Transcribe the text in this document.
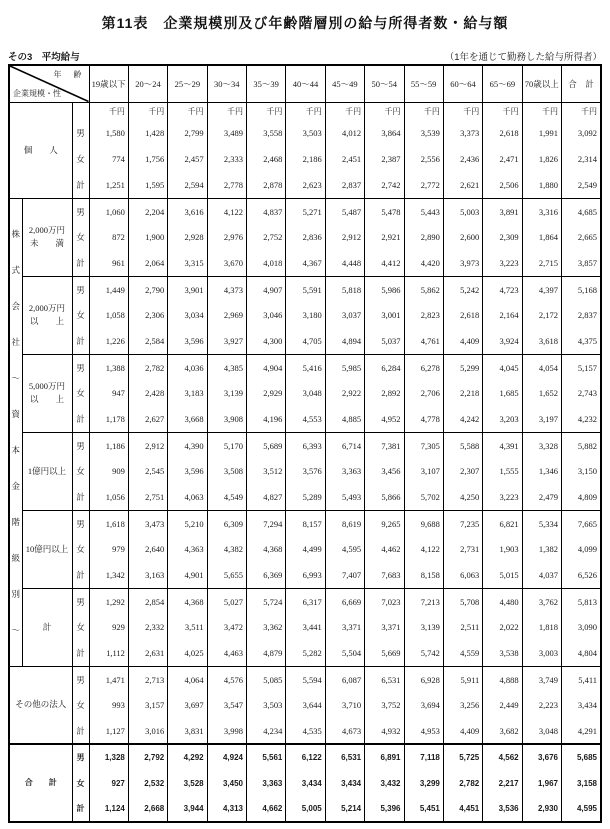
第11表　企業規模別及び年齢階層別の給与所得者数・給与額
その3　平均給与	（1年を通じて勤務した給与所得者）
年　齢
企業規模・性			19歳以下	20～24	25～29	30～34	35～39	40～44	45～49	50～54	55～59	60～64	65～69	70歳以上	合　計

個　　人			千円	千円	千円	千円	千円	千円	千円	千円	千円	千円	千円	千円	千円
		男	1,580	1,428	2,799	3,489	3,558	3,503	4,012	3,864	3,539	3,373	2,618	1,991	3,092
		女	774	1,756	2,457	2,333	2,468	2,186	2,451	2,387	2,556	2,436	2,471	1,826	2,314
		計	1,251	1,595	2,594	2,778	2,878	2,623	2,837	2,742	2,772	2,621	2,506	1,880	2,549

株
式
会
社
～
資
本
金
階
級
別
～

2,000万円
未　　満
	男	1,060	2,204	3,616	4,122	4,837	5,271	5,487	5,478	5,443	5,003	3,891	3,316	4,685
		女	872	1,900	2,928	2,976	2,752	2,836	2,912	2,921	2,890	2,600	2,309	1,864	2,665
		計	961	2,064	3,315	3,670	4,018	4,367	4,448	4,412	4,420	3,973	3,223	2,715	3,857

	2,000万円
以　　上	男	1,449	2,790	3,901	4,373	4,907	5,591	5,818	5,986	5,862	5,242	4,723	4,397	5,168
		女	1,058	2,306	3,034	2,969	3,046	3,180	3,037	3,001	2,823	2,618	2,164	2,172	2,837
		計	1,226	2,584	3,596	3,927	4,300	4,705	4,894	5,037	4,761	4,409	3,924	3,618	4,375

	5,000万円
以　　上	男	1,388	2,782	4,036	4,385	4,904	5,416	5,985	6,284	6,278	5,299	4,045	4,054	5,157
		女	947	2,428	3,183	3,139	2,929	3,048	2,922	2,892	2,706	2,218	1,685	1,652	2,743
		計	1,178	2,627	3,668	3,908	4,196	4,553	4,885	4,952	4,778	4,242	3,203	3,197	4,232

	1億円以上	男	1,186	2,912	4,390	5,170	5,689	6,393	6,714	7,381	7,305	5,588	4,391	3,328	5,882
		女	909	2,545	3,596	3,508	3,512	3,576	3,363	3,456	3,107	2,307	1,555	1,346	3,150
		計	1,056	2,751	4,063	4,549	4,827	5,289	5,493	5,866	5,702	4,250	3,223	2,479	4,809

	10億円以上	男	1,618	3,473	5,210	6,309	7,294	8,157	8,619	9,265	9,688	7,235	6,821	5,334	7,665
		女	979	2,640	4,363	4,382	4,368	4,499	4,595	4,462	4,122	2,731	1,903	1,382	4,099
		計	1,342	3,163	4,901	5,655	6,369	6,993	7,407	7,683	8,158	6,063	5,015	4,037	6,526

	計	男	1,292	2,854	4,368	5,027	5,724	6,317	6,669	7,023	7,213	5,708	4,480	3,762	5,813
		女	929	2,332	3,511	3,472	3,362	3,441	3,371	3,371	3,139	2,511	2,022	1,818	3,090
		計	1,112	2,631	4,025	4,463	4,879	5,282	5,504	5,669	5,742	4,559	3,538	3,003	4,804

その他の法人		男	1,471	2,713	4,064	4,576	5,085	5,594	6,087	6,531	6,928	5,911	4,888	3,749	5,411
		女	993	3,157	3,697	3,547	3,503	3,644	3,710	3,752	3,694	3,256	2,449	2,223	3,434
		計	1,127	3,016	3,831	3,998	4,234	4,535	4,673	4,932	4,953	4,409	3,682	3,048	4,291

合　　計		男	1,328	2,792	4,292	4,924	5,561	6,122	6,531	6,891	7,118	5,725	4,562	3,676	5,685
		女	927	2,532	3,528	3,450	3,363	3,434	3,434	3,432	3,299	2,782	2,217	1,967	3,158
		計	1,124	2,668	3,944	4,313	4,662	5,005	5,214	5,396	5,451	4,451	3,536	2,930	4,595
